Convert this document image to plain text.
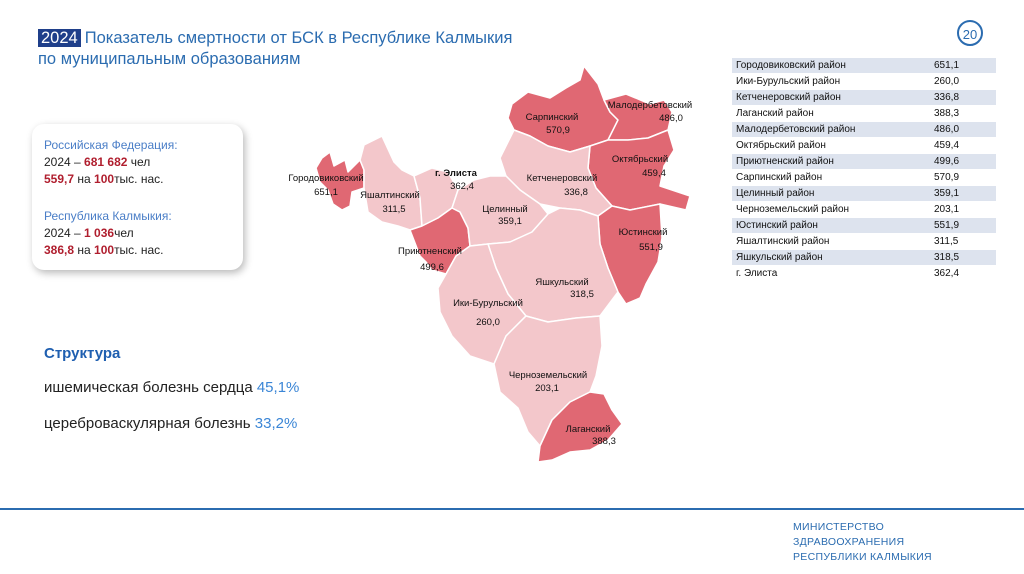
2024 Показатель смертности от БСК в Республике Калмыкия
по муниципальным образованиям
20
Российская Федерация:
2024 – 681 682 чел
559,7 на 100тыс. нас.
Республика Калмыкия:
2024 – 1 036чел
386,8 на 100тыс. нас.
Структура
ишемическая болезнь сердца 45,1%
цереброваскулярная болезнь 33,2%
Городовиковский
651,1 Яшалтинский
311,5
г. Элиста
362,4
Приютненский
499,6
Сарпинский
570,9
Малодербетовский
486,0
Октябрьский
459,4
Кетченеровский
336,8
Целинный
359,1
Юстинский
551,9
Яшкульский
318,5
Ики-Бурульский
260,0
Черноземельский
203,1
Лаганский
388,3
Городовиковский район	651,1
Ики-Бурульский район	260,0
Кетченеровский район	336,8
Лаганский район	388,3
Малодербетовский район	486,0
Октябрьский район	459,4
Приютненский район	499,6
Сарпинский район	570,9
Целинный район	359,1
Черноземельский район	203,1
Юстинский район	551,9
Яшалтинский район	311,5
Яшкульский район	318,5
г. Элиста	362,4
МИНИСТЕРСТВО
ЗДРАВООХРАНЕНИЯ
РЕСПУБЛИКИ КАЛМЫКИЯ
